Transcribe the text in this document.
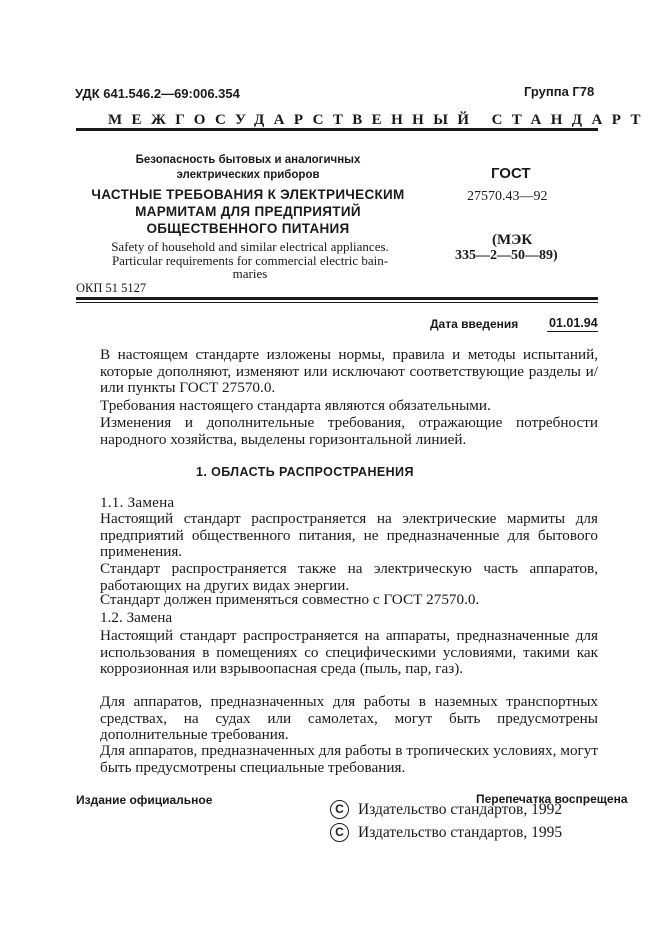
УДК 641.546.2—69:006.354	Группа Г78
МЕЖГОСУДАРСТВЕННЫЙ СТАНДАРТ
Безопасность бытовых и аналогичных электрических приборов
ЧАСТНЫЕ ТРЕБОВАНИЯ К ЭЛЕКТРИЧЕСКИМ МАРМИТАМ ДЛЯ ПРЕДПРИЯТИЙ ОБЩЕСТВЕННОГО ПИТАНИЯ
Safety of household and similar electrical appliances. Particular requirements for commercial electric bain-maries
ГОСТ
27570.43—92
(МЭК
335—2—50—89)
ОКП 51 5127
Дата введения 01.01.94
В настоящем стандарте изложены нормы, правила и методы испытаний, которые дополняют, изменяют или исключают соответствующие разделы и/или пункты ГОСТ 27570.0.
Требования настоящего стандарта являются обязательными.
Изменения и дополнительные требования, отражающие потребности народного хозяйства, выделены горизонтальной линией.
1. ОБЛАСТЬ РАСПРОСТРАНЕНИЯ
1.1. Замена
Настоящий стандарт распространяется на электрические мармиты для предприятий общественного питания, не предназначенные для бытового применения.
Стандарт распространяется также на электрическую часть аппаратов, работающих на других видах энергии.
Стандарт должен применяться совместно с ГОСТ 27570.0.
1.2. Замена
Настоящий стандарт распространяется на аппараты, предназначенные для использования в помещениях со специфическими условиями, такими как коррозионная или взрывоопасная среда (пыль, пар, газ).
Для аппаратов, предназначенных для работы в наземных транспортных средствах, на судах или самолетах, могут быть предусмотрены дополнительные требования.
Для аппаратов, предназначенных для работы в тропических условиях, могут быть предусмотрены специальные требования.
Издание официальное	Перепечатка воспрещена
C Издательство стандартов, 1992
C Издательство стандартов, 1995
